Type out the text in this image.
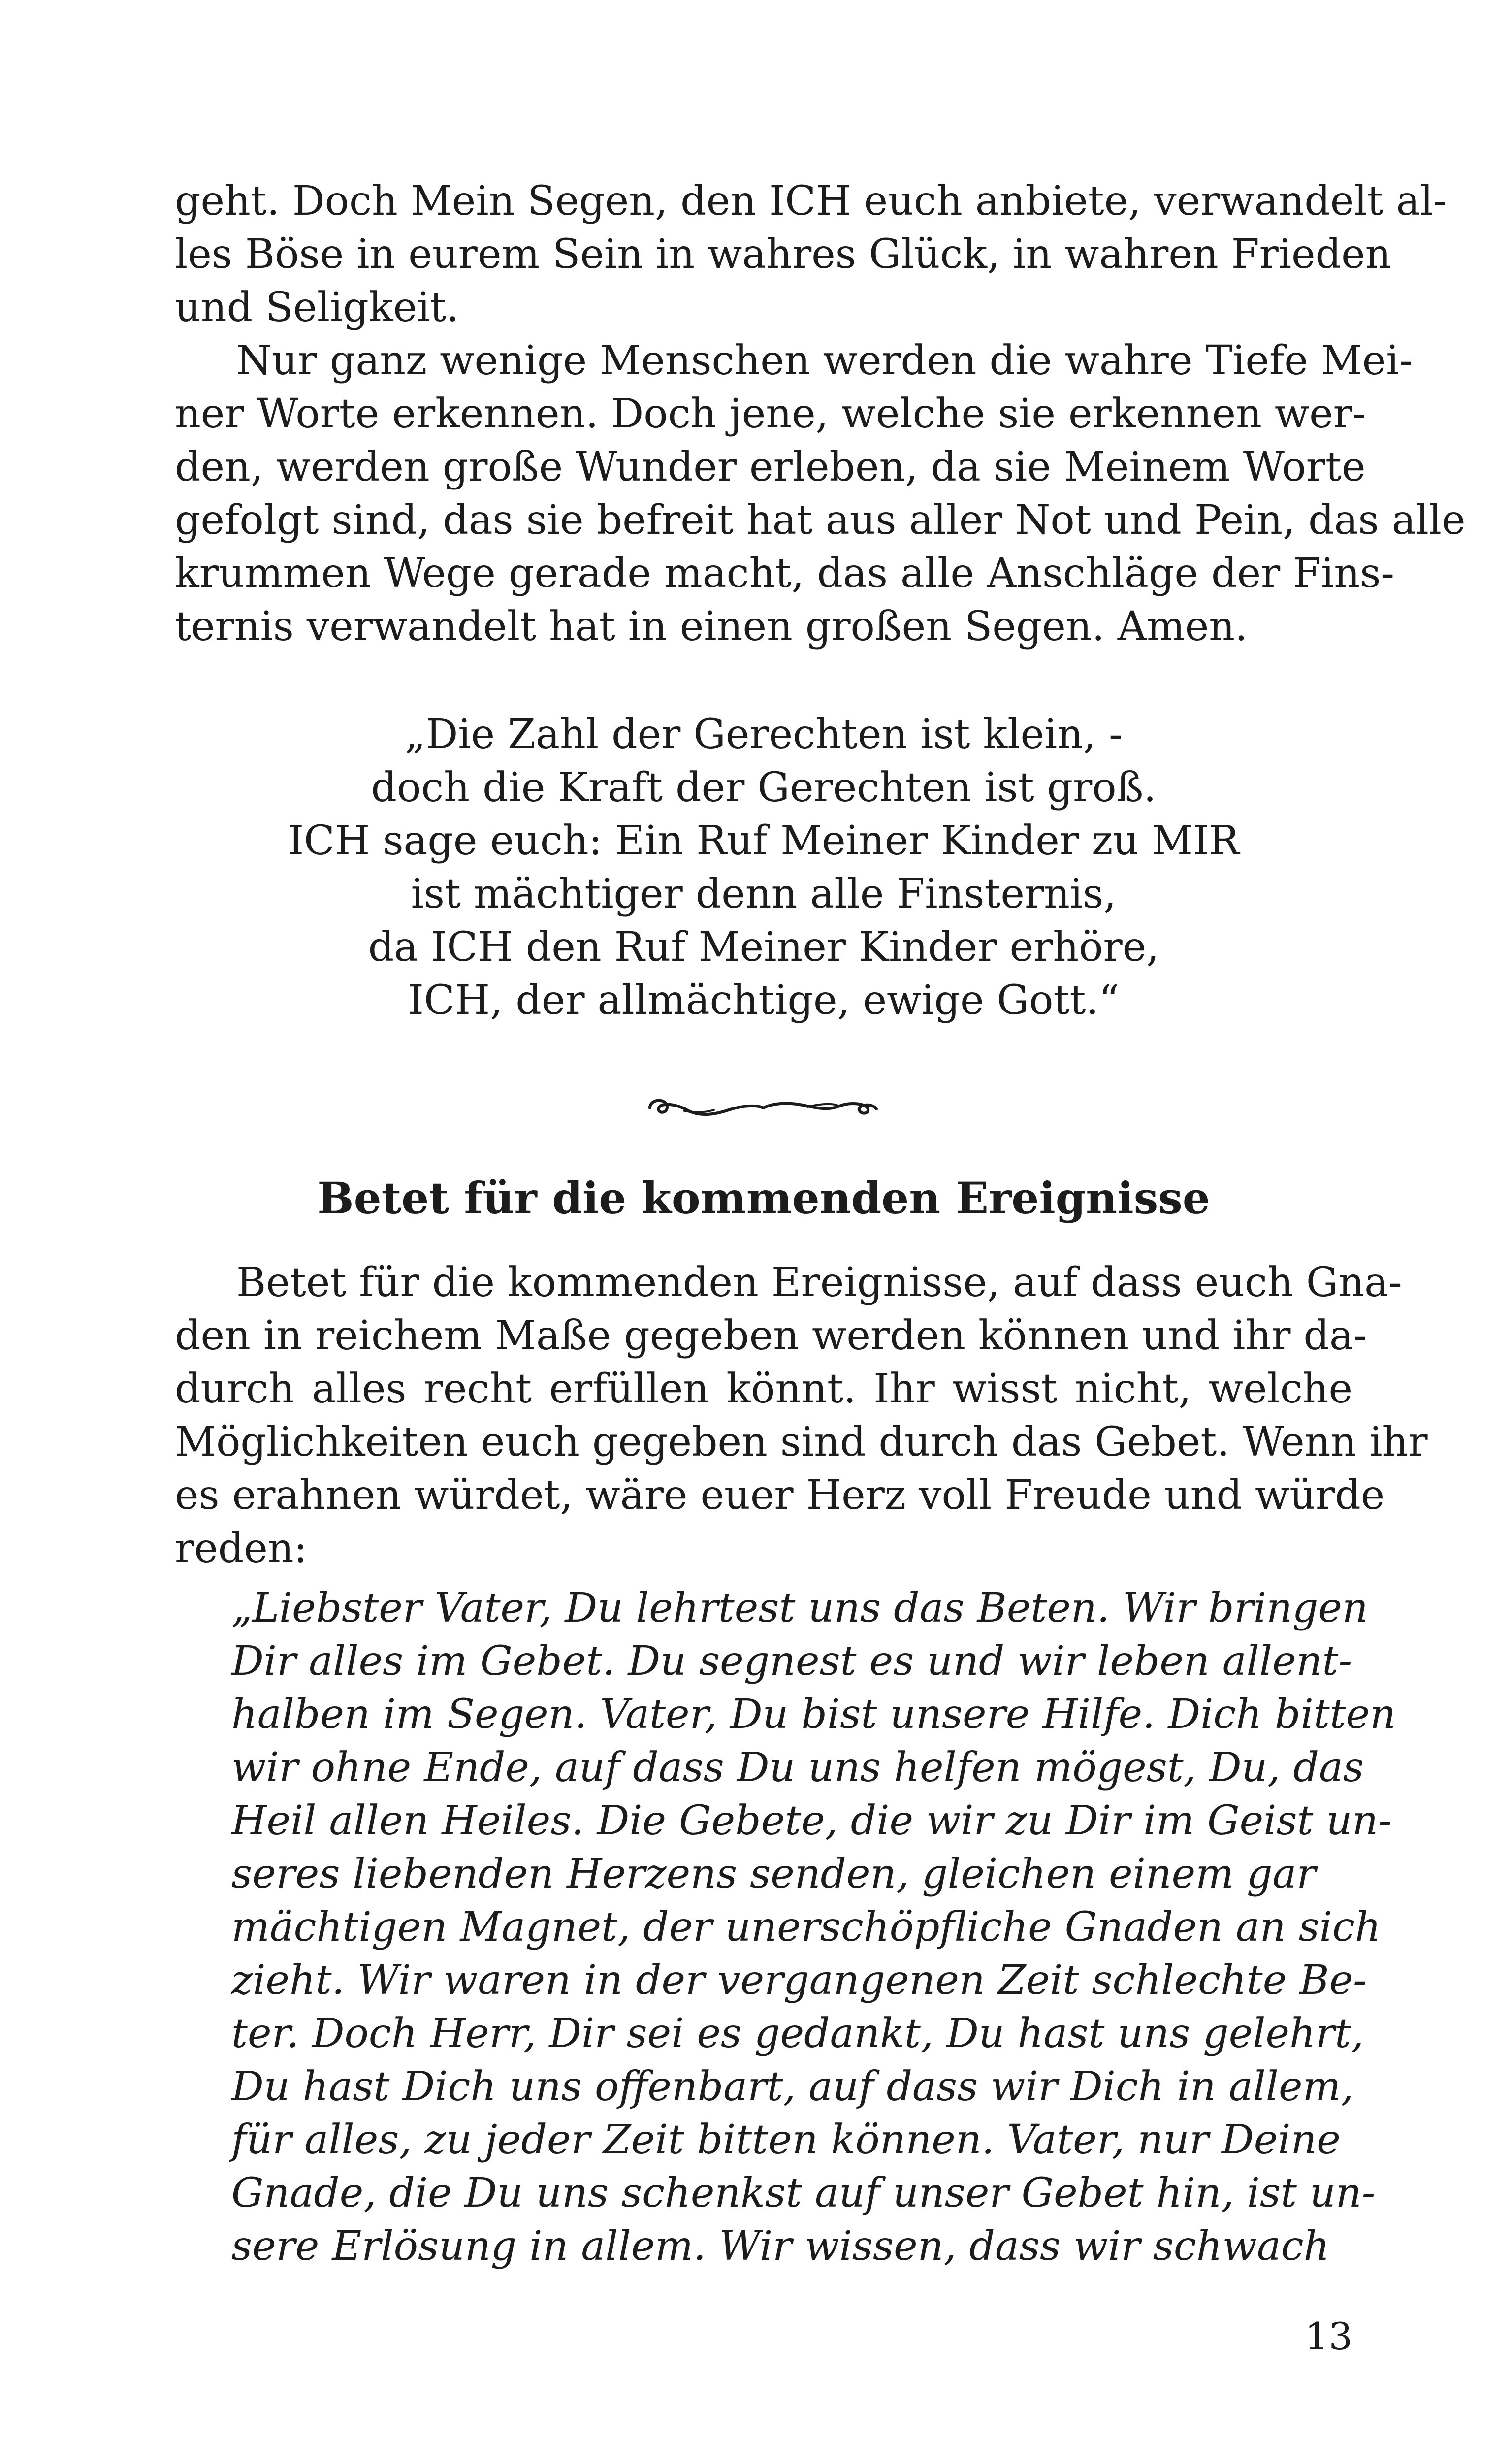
geht. Doch Mein Segen, den ICH euch anbiete, verwandelt al-
les Böse in eurem Sein in wahres Glück, in wahren Frieden
und Seligkeit.
Nur ganz wenige Menschen werden die wahre Tiefe Mei-
ner Worte erkennen. Doch jene, welche sie erkennen wer-
den, werden große Wunder erleben, da sie Meinem Worte
gefolgt sind, das sie befreit hat aus aller Not und Pein, das alle
krummen Wege gerade macht, das alle Anschläge der Fins-
ternis verwandelt hat in einen großen Segen. Amen.
„Die Zahl der Gerechten ist klein, -
doch die Kraft der Gerechten ist groß.
ICH sage euch: Ein Ruf Meiner Kinder zu MIR
ist mächtiger denn alle Finsternis,
da ICH den Ruf Meiner Kinder erhöre,
ICH, der allmächtige, ewige Gott.“
Betet für die kommenden Ereignisse
Betet für die kommenden Ereignisse, auf dass euch Gna-
den in reichem Maße gegeben werden können und ihr da-
durch alles recht erfüllen könnt. Ihr wisst nicht, welche
Möglichkeiten euch gegeben sind durch das Gebet. Wenn ihr
es erahnen würdet, wäre euer Herz voll Freude und würde
reden:
„Liebster Vater, Du lehrtest uns das Beten. Wir bringen
Dir alles im Gebet. Du segnest es und wir leben allent-
halben im Segen. Vater, Du bist unsere Hilfe. Dich bitten
wir ohne Ende, auf dass Du uns helfen mögest, Du, das
Heil allen Heiles. Die Gebete, die wir zu Dir im Geist un-
seres liebenden Herzens senden, gleichen einem gar
mächtigen Magnet, der unerschöpfliche Gnaden an sich
zieht. Wir waren in der vergangenen Zeit schlechte Be-
ter. Doch Herr, Dir sei es gedankt, Du hast uns gelehrt,
Du hast Dich uns offenbart, auf dass wir Dich in allem,
für alles, zu jeder Zeit bitten können. Vater, nur Deine
Gnade, die Du uns schenkst auf unser Gebet hin, ist un-
sere Erlösung in allem. Wir wissen, dass wir schwach
13
